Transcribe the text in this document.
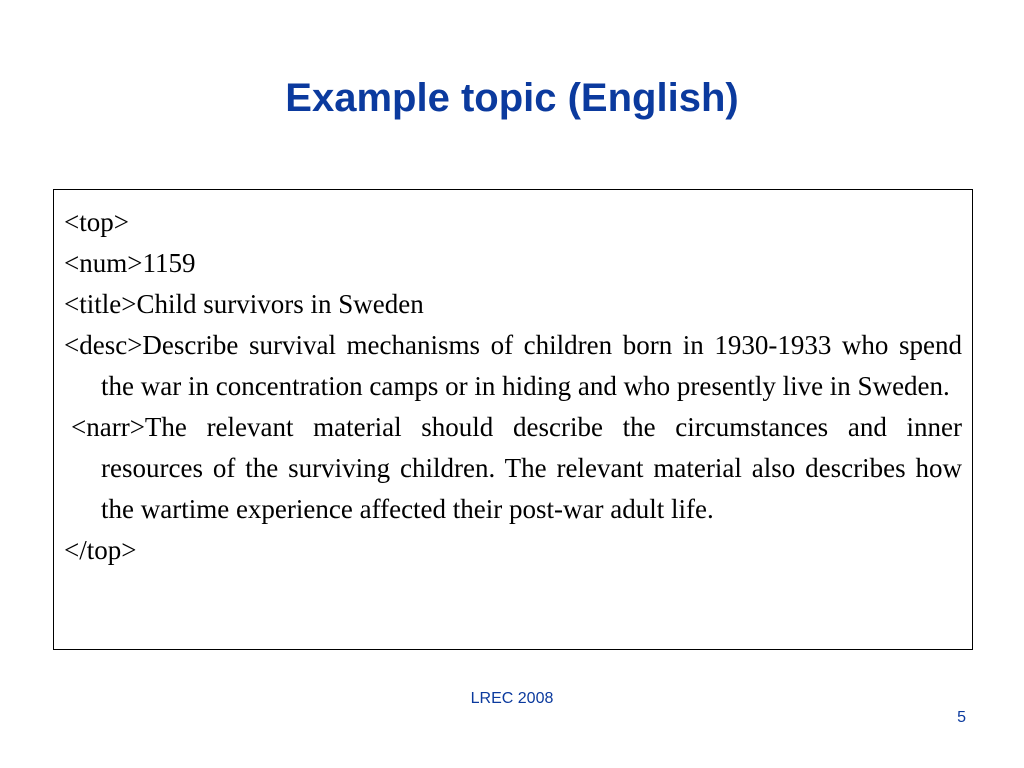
Example topic (English)
<top>
<num>1159
<title>Child survivors in Sweden
<desc>Describe survival mechanisms of children born in 1930-1933 who spend the war in concentration camps or in hiding and who presently live in Sweden.
<narr>The relevant material should describe the circumstances and inner resources of the surviving children. The relevant material also describes how the wartime experience affected their post-war adult life.
</top>
LREC 2008
5
